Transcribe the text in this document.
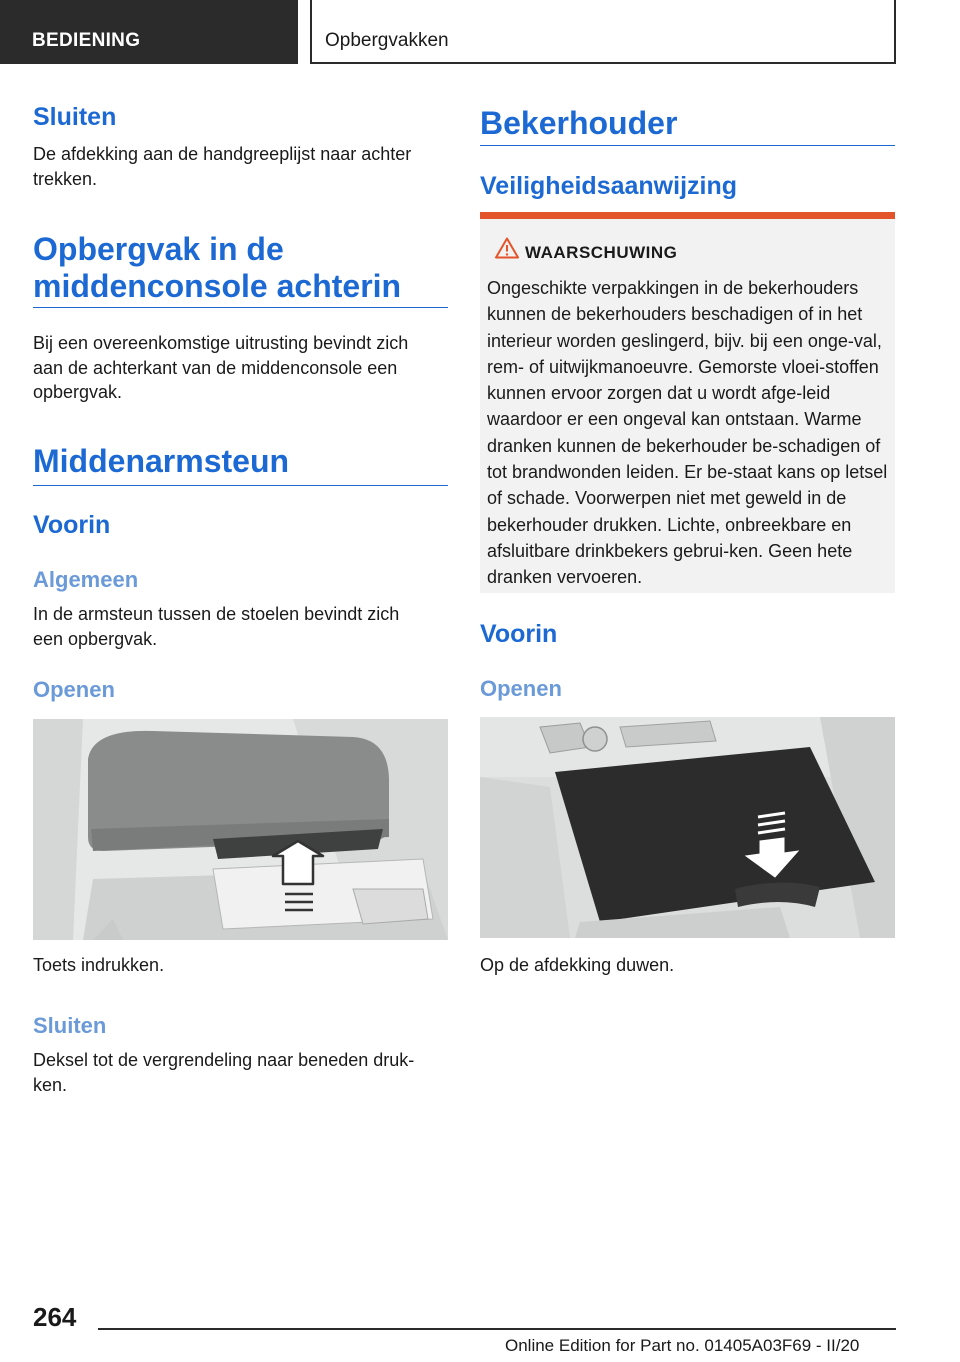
BEDIENING	Opbergvakken
Sluiten
De afdekking aan de handgreeplijst naar achter trekken.
Opbergvak in de
middenconsole achterin
Bij een overeenkomstige uitrusting bevindt zich aan de achterkant van de middenconsole een opbergvak.
Middenarmsteun
Voorin
Algemeen
In de armsteun tussen de stoelen bevindt zich een opbergvak.
Openen
Toets indrukken.
Sluiten
Deksel tot de vergrendeling naar beneden druk-ken.
Bekerhouder
Veiligheidsaanwijzing
WAARSCHUWING
Ongeschikte verpakkingen in de bekerhouders kunnen de bekerhouders beschadigen of in het interieur worden geslingerd, bijv. bij een onge-val, rem- of uitwijkmanoeuvre. Gemorste vloei-stoffen kunnen ervoor zorgen dat u wordt afge-leid waardoor er een ongeval kan ontstaan. Warme dranken kunnen de bekerhouder be-schadigen of tot brandwonden leiden. Er be-staat kans op letsel of schade. Voorwerpen niet met geweld in de bekerhouder drukken. Lichte, onbreekbare en afsluitbare drinkbekers gebrui-ken. Geen hete dranken vervoeren.
Voorin
Openen
Op de afdekking duwen.
264
Online Edition for Part no. 01405A03F69 - II/20
